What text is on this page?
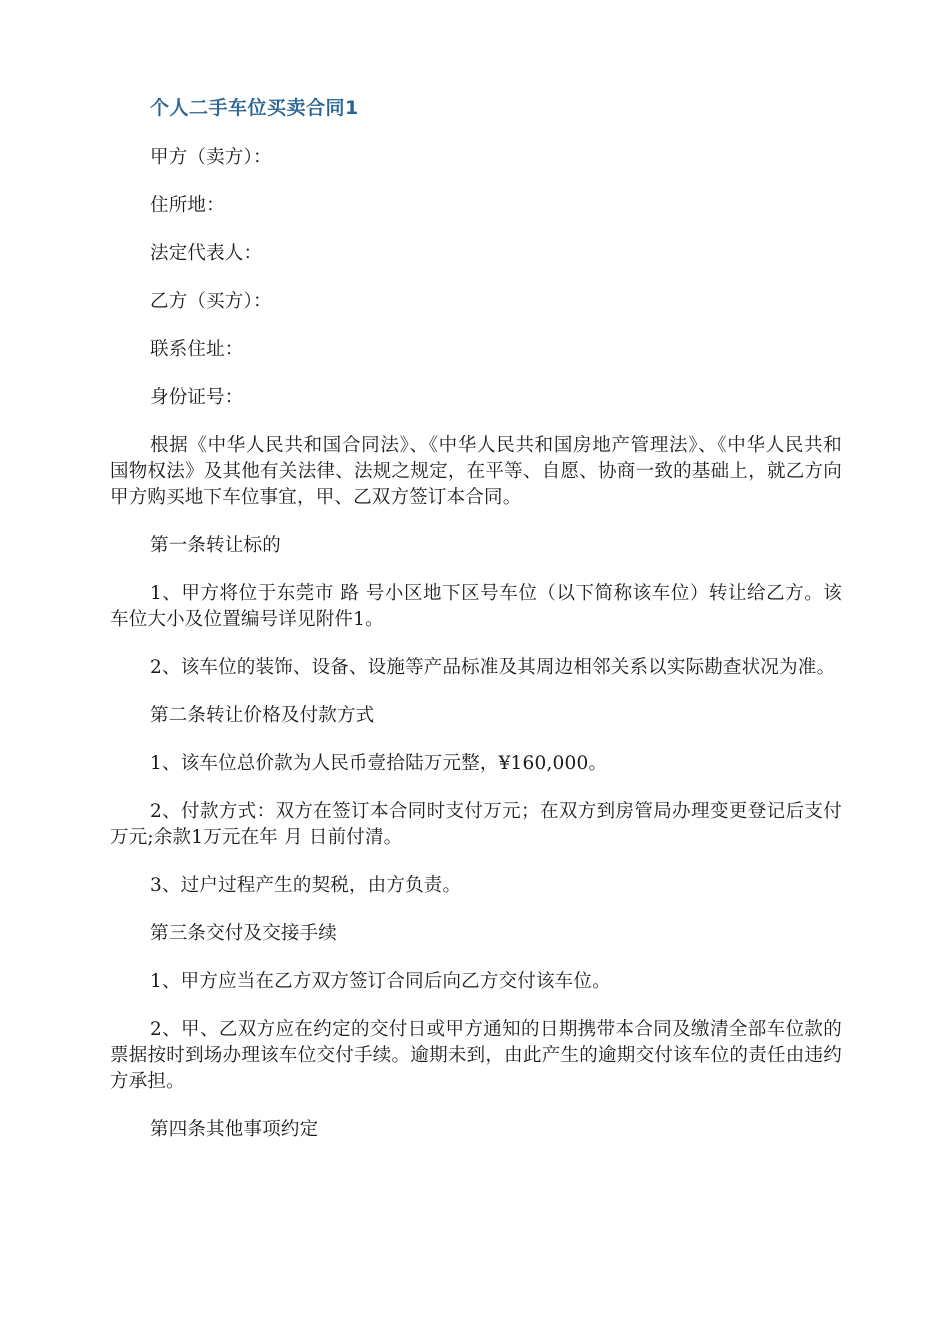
个人二手车位买卖合同1

甲方（卖方）：

住所地：

法定代表人：

乙方（买方）：

联系住址：

身份证号：

根据《中华人民共和国合同法》、《中华人民共和国房地产管理法》、《中华人民共和国物权法》及其他有关法律、法规之规定，在平等、自愿、协商一致的基础上，就乙方向甲方购买地下车位事宜，甲、乙双方签订本合同。

第一条转让标的

1、甲方将位于东莞市 路 号小区地下区号车位（以下简称该车位）转让给乙方。该车位大小及位置编号详见附件1。

2、该车位的装饰、设备、设施等产品标准及其周边相邻关系以实际勘查状况为准。

第二条转让价格及付款方式

1、该车位总价款为人民币壹拾陆万元整，¥160,000。

2、付款方式：双方在签订本合同时支付万元；在双方到房管局办理变更登记后支付万元;余款1万元在年 月 日前付清。

3、过户过程产生的契税，由方负责。

第三条交付及交接手续

1、甲方应当在乙方双方签订合同后向乙方交付该车位。

2、甲、乙双方应在约定的交付日或甲方通知的日期携带本合同及缴清全部车位款的票据按时到场办理该车位交付手续。逾期未到，由此产生的逾期交付该车位的责任由违约方承担。

第四条其他事项约定
